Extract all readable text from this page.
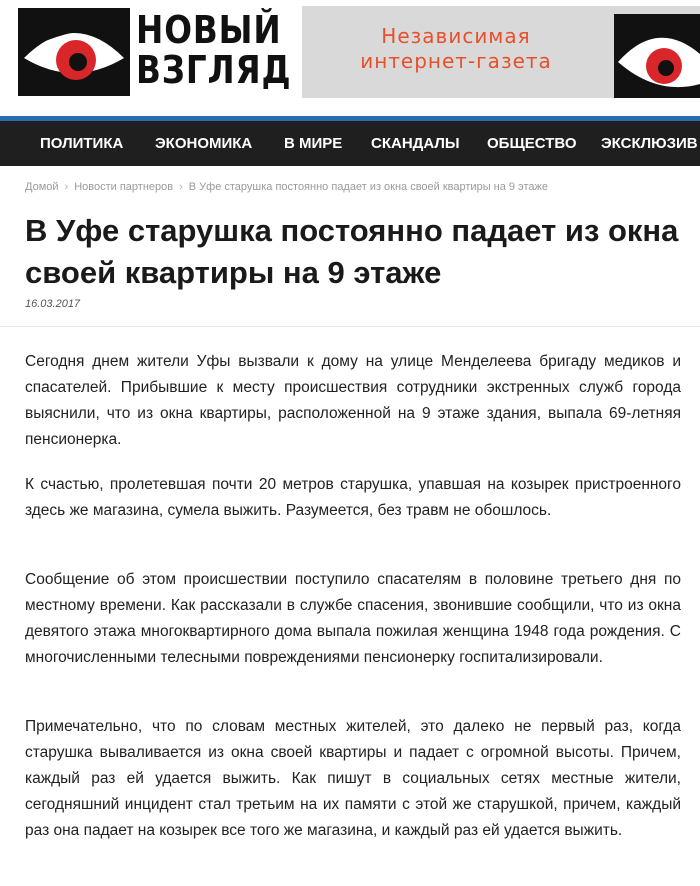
НОВЫЙ
ВЗГЛЯД
Независимая
интернет-газета
ПОЛИТИКА ЭКОНОМИКА В МИРЕ СКАНДАЛЫ ОБЩЕСТВО ЭКСКЛЮЗИВ
Домой › Новости партнеров › В Уфе старушка постоянно падает из окна своей квартиры на 9 этаже
В Уфе старушка постоянно падает из окна своей квартиры на 9 этаже
16.03.2017

Сегодня днем жители Уфы вызвали к дому на улице Менделеева бригаду медиков и спасателей. Прибывшие к месту происшествия сотрудники экстренных служб города выяснили, что из окна квартиры, расположенной на 9 этаже здания, выпала 69-летняя пенсионерка.

К счастью, пролетевшая почти 20 метров старушка, упавшая на козырек пристроенного здесь же магазина, сумела выжить. Разумеется, без травм не обошлось.

Сообщение об этом происшествии поступило спасателям в половине третьего дня по местному времени. Как рассказали в службе спасения, звонившие сообщили, что из окна девятого этажа многоквартирного дома выпала пожилая женщина 1948 года рождения. С многочисленными телесными повреждениями пенсионерку госпитализировали.

Примечательно, что по словам местных жителей, это далеко не первый раз, когда старушка вываливается из окна своей квартиры и падает с огромной высоты. Причем, каждый раз ей удается выжить. Как пишут в социальных сетях местные жители, сегодняшний инцидент стал третьим на их памяти с этой же старушкой, причем, каждый раз она падает на козырек все того же магазина, и каждый раз ей удается выжить.
